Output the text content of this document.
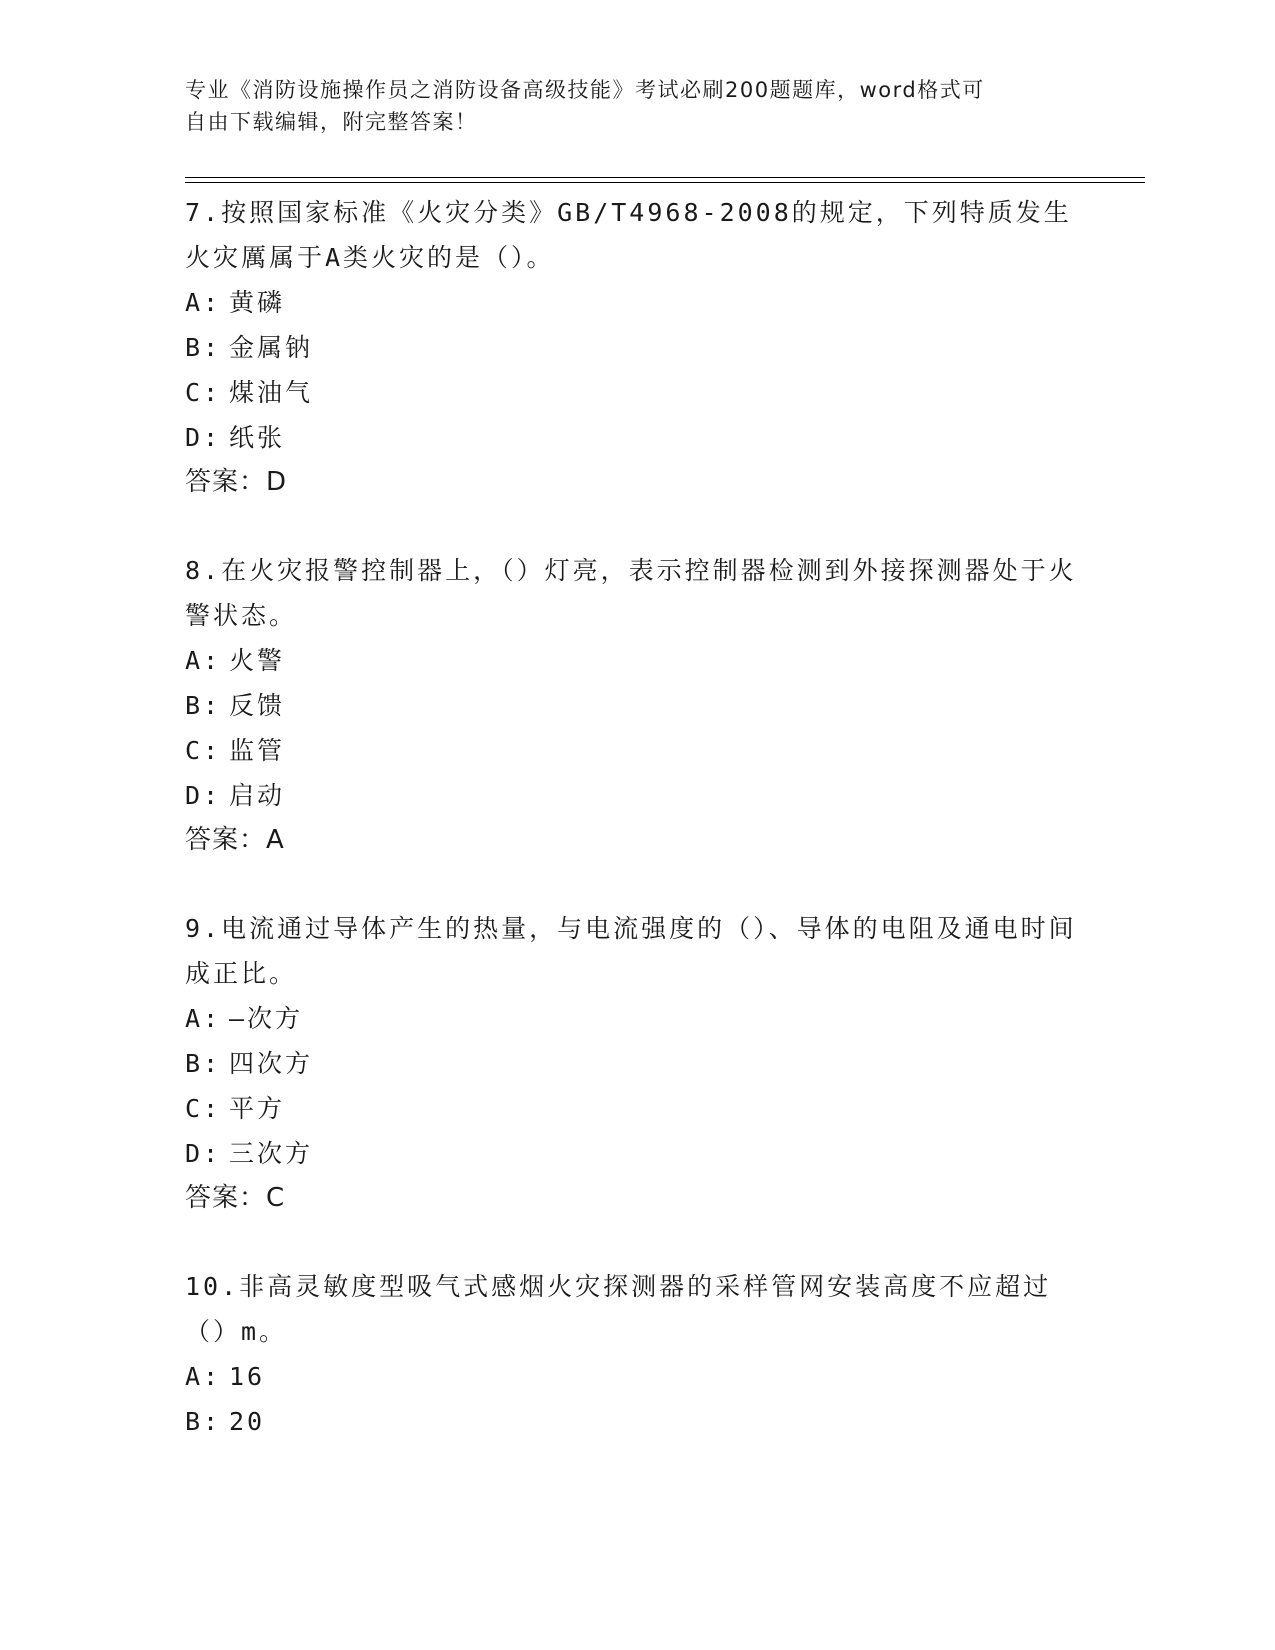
专业《消防设施操作员之消防设备高级技能》考试必刷200题题库，word格式可
自由下载编辑，附完整答案！

7.按照国家标准《火灾分类》GB/T4968-2008的规定，下列特质发生火灾厲属于A类火灾的是（）。

A: 黄磷
B: 金属钠
C: 煤油气
D: 纸张
答案：D

8.在火灾报警控制器上，（）灯亮，表示控制器检测到外接探测器处于火警状态。

A: 火警
B: 反馈
C: 监管
D: 启动
答案：A

9.电流通过导体产生的热量，与电流强度的（）、导体的电阻及通电时间成正比。

A: —次方
B: 四次方
C: 平方
D: 三次方
答案：C

10.非高灵敏度型吸气式感烟火灾探测器的采样管网安装高度不应超过（）m。

A: 16
B: 20
